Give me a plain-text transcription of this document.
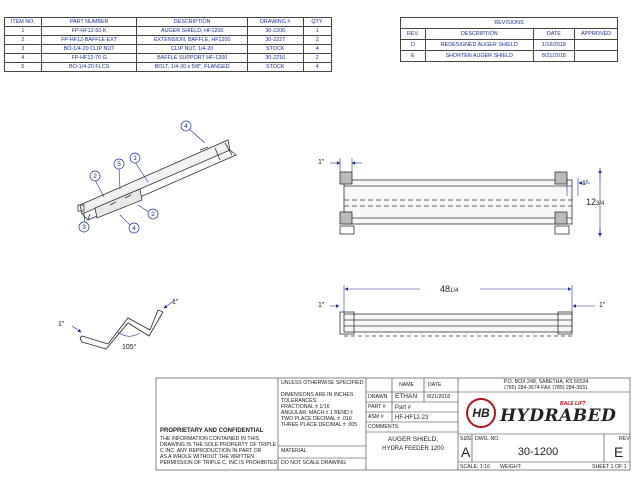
ITEM NO.	PART NUMBER	DESCRIPTION	DRAWING #	QTY.
1	FP-HF12-50 K	AUGER SHIELD, HF1200	30-2206	1
2	FP-HF12-BAFFLE EXT	EXTENSION, BAFFLE, HF1200	30-2227	2
3	BO-1/4-20 CLIP NUT	CLIP NUT, 1/4-20	STOCK	4
4	FP-HF12-70 G	BAFFLE SUPPORT HF-1200	30-2216	2
5	BO-1/4-20 FLCS	BOLT, 1/4-20 x 5/8", FLANGED	STOCK	4
REVISIONS			
REV.	DESCRIPTION	DATE	APPROVED
D	REDESIGNED AUGER SHIELD	1/16/2018	
E	SHORTEN AUGER SHIELD	8/21/2018	
1
2
2
3
4
4
5	1"
1"
123/4
481/4
1"	1"
1"
1"
105°
UNLESS OTHERWISE SPECIFIED:
DIMENSIONS ARE IN INCHES
TOLERANCES:
FRACTIONAL ± 1/16
ANGULAR: MACH ± 1 BEND ±
TWO PLACE DECIMAL ± .010
THREE PLACE DECIMAL ± .005
MATERIAL
DO NOT SCALE DRAWING
PROPRIETARY AND CONFIDENTIAL
THE INFORMATION CONTAINED IN THIS
DRAWING IS THE SOLE PROPERTY OF TRIPLE
C INC. ANY REPRODUCTION IN PART OR
AS A WHOLE WITHOUT THE WRITTEN
PERMISSION OF TRIPLE C, INC IS PROHIBITED.
NAME	DATE
DRAWN ETHAN 8/21/2018
PART # Part #
ASM # HF-HF12-23
COMMENTS:
AUGER SHIELD,
HYDRA FEEDER 1200
P.O. BOX 248, SABETHA, KS 66534
(785) 284-3674 FAX (785) 284-3931
HB
BALE LIFT
HYDRABED
SIZE
A
DWG. NO.
30-1200
REV
E
SCALE: 1:16 WEIGHT:	SHEET 1 OF 1
